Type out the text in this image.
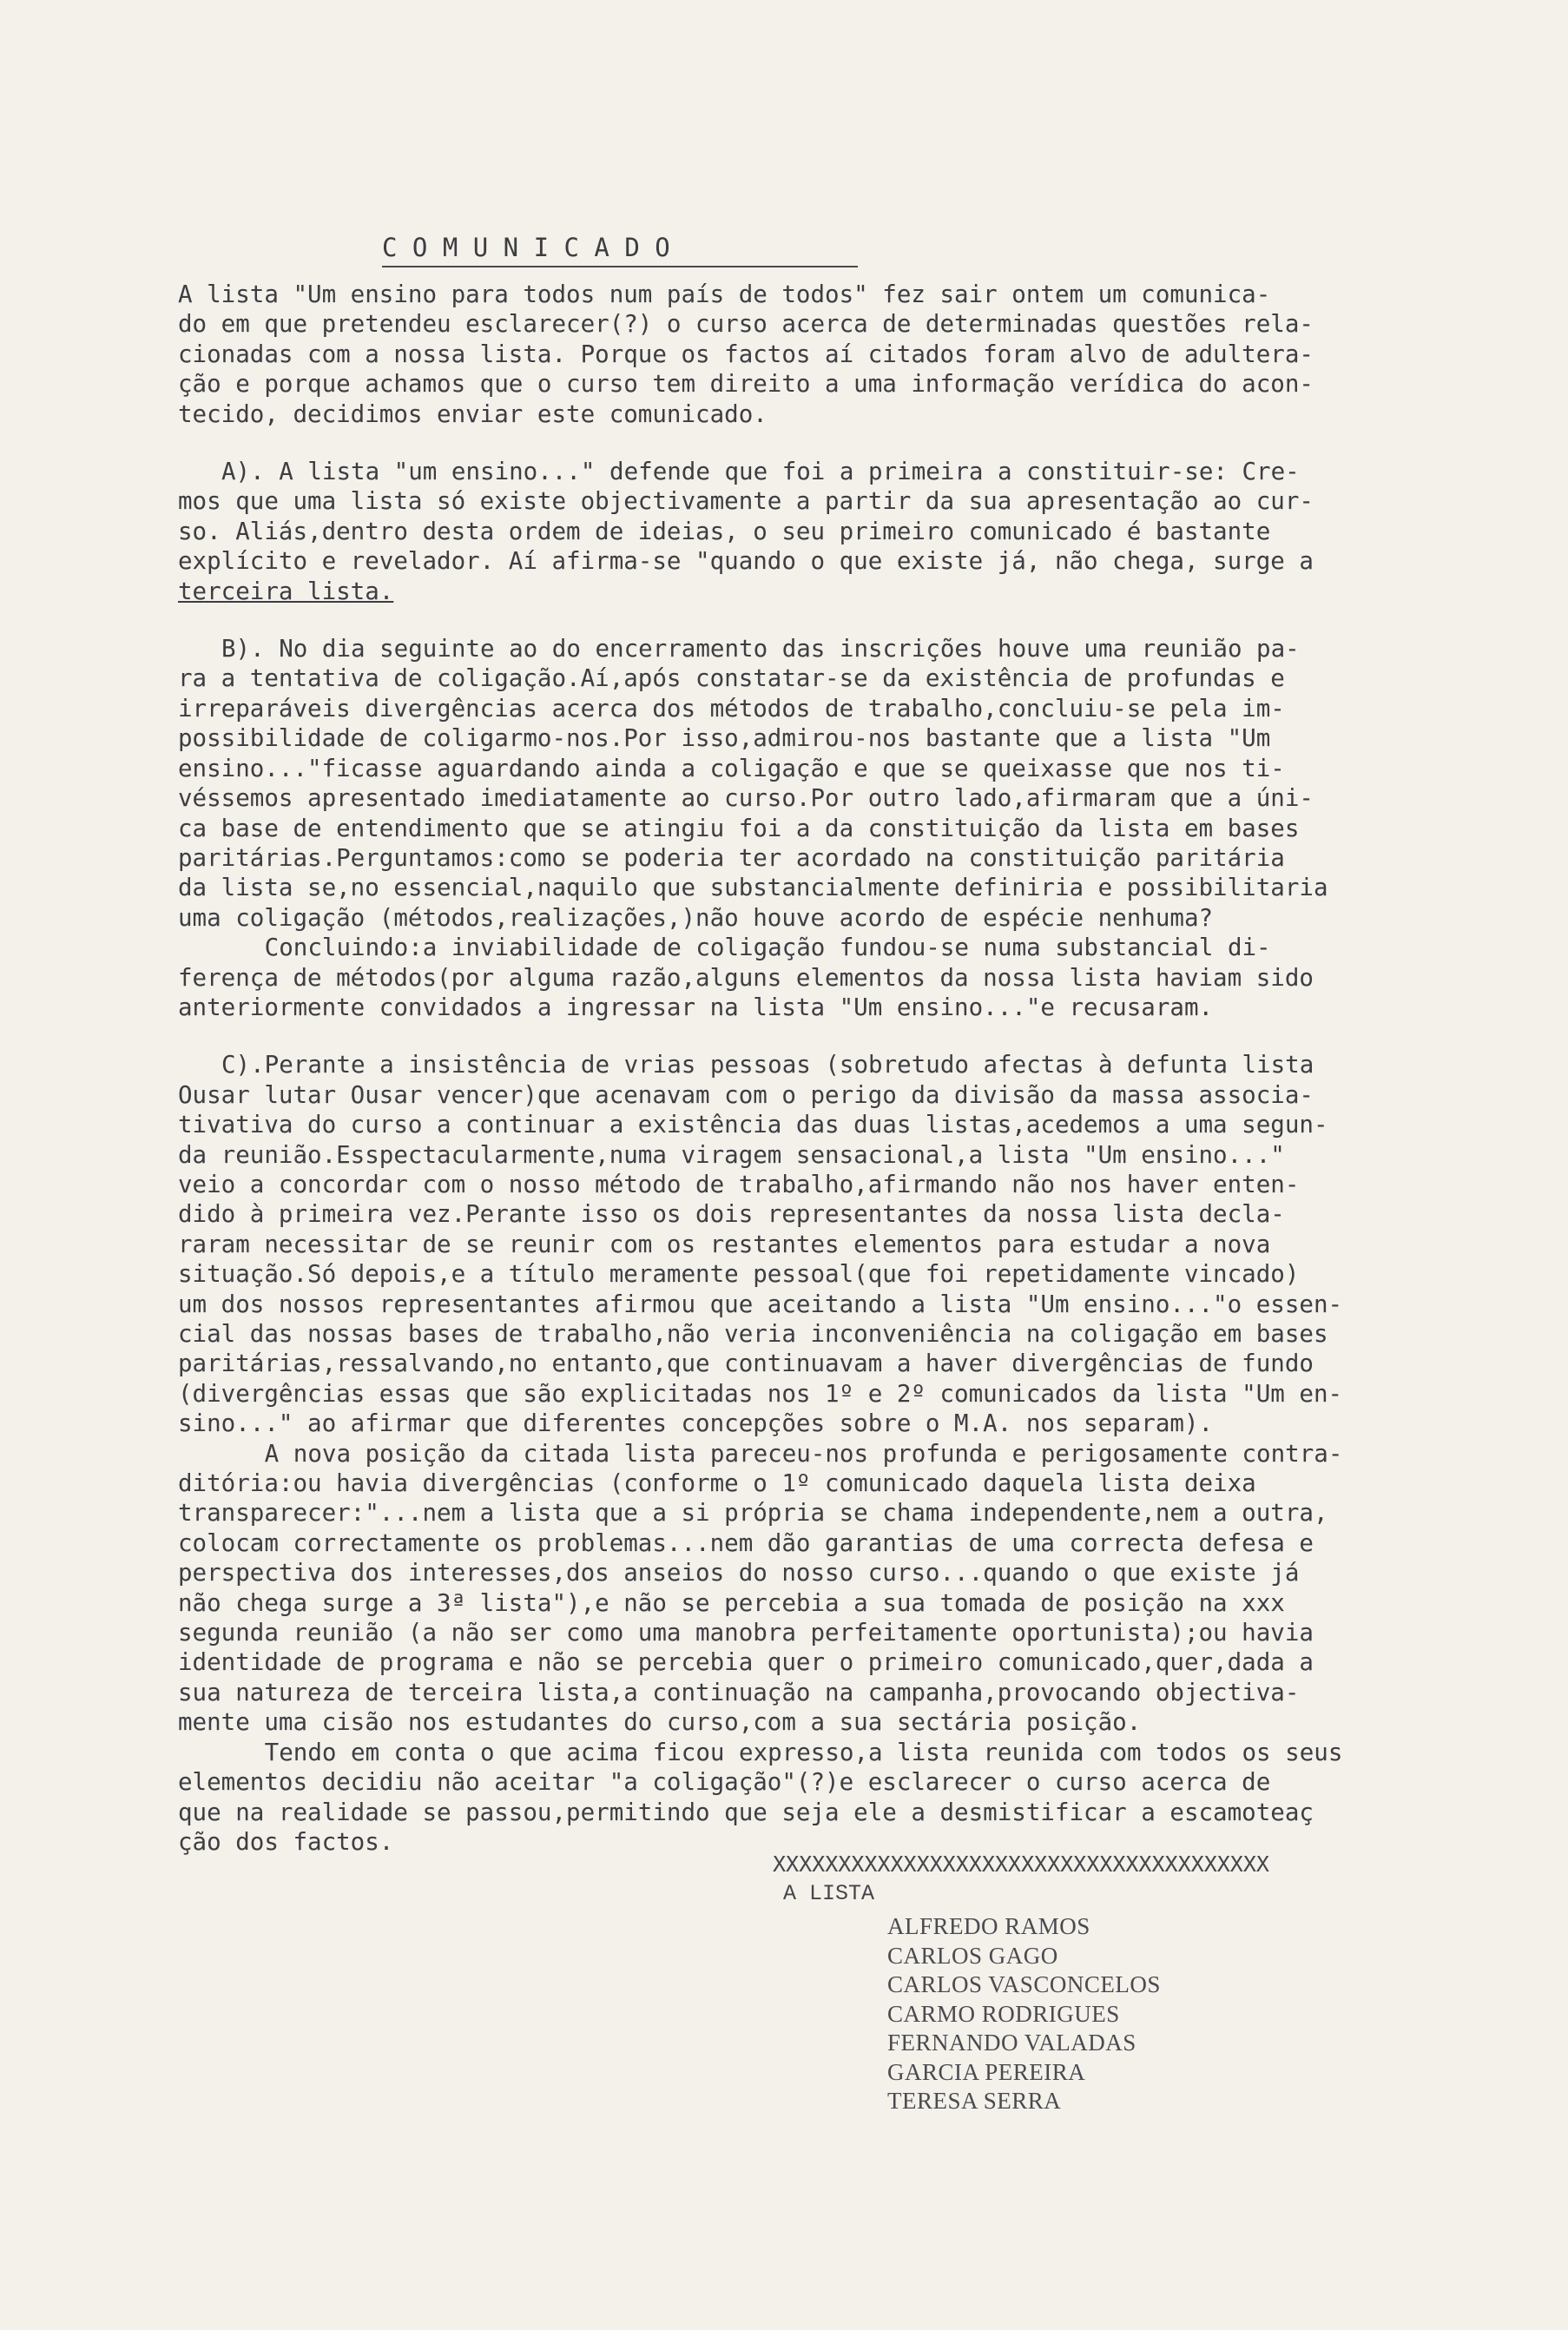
C O M U N I C A D O
A lista "Um ensino para todos num país de todos" fez sair ontem um comunica-
do em que pretendeu esclarecer(?) o curso acerca de determinadas questões rela-
cionadas com a nossa lista. Porque os factos aí citados foram alvo de adultera-
ção e porque achamos que o curso tem direito a uma informação verídica do acon-
tecido, decidimos enviar este comunicado.
A). A lista "um ensino..." defende que foi a primeira a constituir-se: Cre-
mos que uma lista só existe objectivamente a partir da sua apresentação ao cur-
so. Aliás,dentro desta ordem de ideias, o seu primeiro comunicado é bastante
explícito e revelador. Aí afirma-se "quando o que existe já, não chega, surge a
terceira lista.
B). No dia seguinte ao do encerramento das inscrições houve uma reunião pa-
ra a tentativa de coligação.Aí,após constatar-se da existência de profundas e
irreparáveis divergências acerca dos métodos de trabalho,concluiu-se pela im-
possibilidade de coligarmo-nos.Por isso,admirou-nos bastante que a lista "Um
ensino..."ficasse aguardando ainda a coligação e que se queixasse que nos ti-
véssemos apresentado imediatamente ao curso.Por outro lado,afirmaram que a úni-
ca base de entendimento que se atingiu foi a da constituição da lista em bases
paritárias.Perguntamos:como se poderia ter acordado na constituição paritária
da lista se,no essencial,naquilo que substancialmente definiria e possibilitaria
uma coligação (métodos,realizações,)não houve acordo de espécie nenhuma?
Concluindo:a inviabilidade de coligação fundou-se numa substancial di-
ferença de métodos(por alguma razão,alguns elementos da nossa lista haviam sido
anteriormente convidados a ingressar na lista "Um ensino..."e recusaram.
C).Perante a insistência de vrias pessoas (sobretudo afectas à defunta lista
Ousar lutar Ousar vencer)que acenavam com o perigo da divisão da massa associa-
tivativa do curso a continuar a existência das duas listas,acedemos a uma segun-
da reunião.Esspectacularmente,numa viragem sensacional,a lista "Um ensino..."
veio a concordar com o nosso método de trabalho,afirmando não nos haver enten-
dido à primeira vez.Perante isso os dois representantes da nossa lista decla-
raram necessitar de se reunir com os restantes elementos para estudar a nova
situação.Só depois,e a título meramente pessoal(que foi repetidamente vincado)
um dos nossos representantes afirmou que aceitando a lista "Um ensino..."o essen-
cial das nossas bases de trabalho,não veria inconveniência na coligação em bases
paritárias,ressalvando,no entanto,que continuavam a haver divergências de fundo
(divergências essas que são explicitadas nos 1º e 2º comunicados da lista "Um en-
sino..." ao afirmar que diferentes concepções sobre o M.A. nos separam).
A nova posição da citada lista pareceu-nos profunda e perigosamente contra-
ditória:ou havia divergências (conforme o 1º comunicado daquela lista deixa
transparecer:"...nem a lista que a si própria se chama independente,nem a outra,
colocam correctamente os problemas...nem dão garantias de uma correcta defesa e
perspectiva dos interesses,dos anseios do nosso curso...quando o que existe já
não chega surge a 3ª lista"),e não se percebia a sua tomada de posição na xxx
segunda reunião (a não ser como uma manobra perfeitamente oportunista);ou havia
identidade de programa e não se percebia quer o primeiro comunicado,quer,dada a
sua natureza de terceira lista,a continuação na campanha,provocando objectiva-
mente uma cisão nos estudantes do curso,com a sua sectária posição.
Tendo em conta o que acima ficou expresso,a lista reunida com todos os seus
elementos decidiu não aceitar "a coligação"(?)e esclarecer o curso acerca de
que na realidade se passou,permitindo que seja ele a desmistificar a escamoteaç
ção dos factos.
XXXXXXXXXXXXXXXXXXXXXXXXXXXXXXXXXXXXXX
A LISTA
ALFREDO RAMOS
CARLOS GAGO
CARLOS VASCONCELOS
CARMO RODRIGUES
FERNANDO VALADAS
GARCIA PEREIRA
TERESA SERRA
